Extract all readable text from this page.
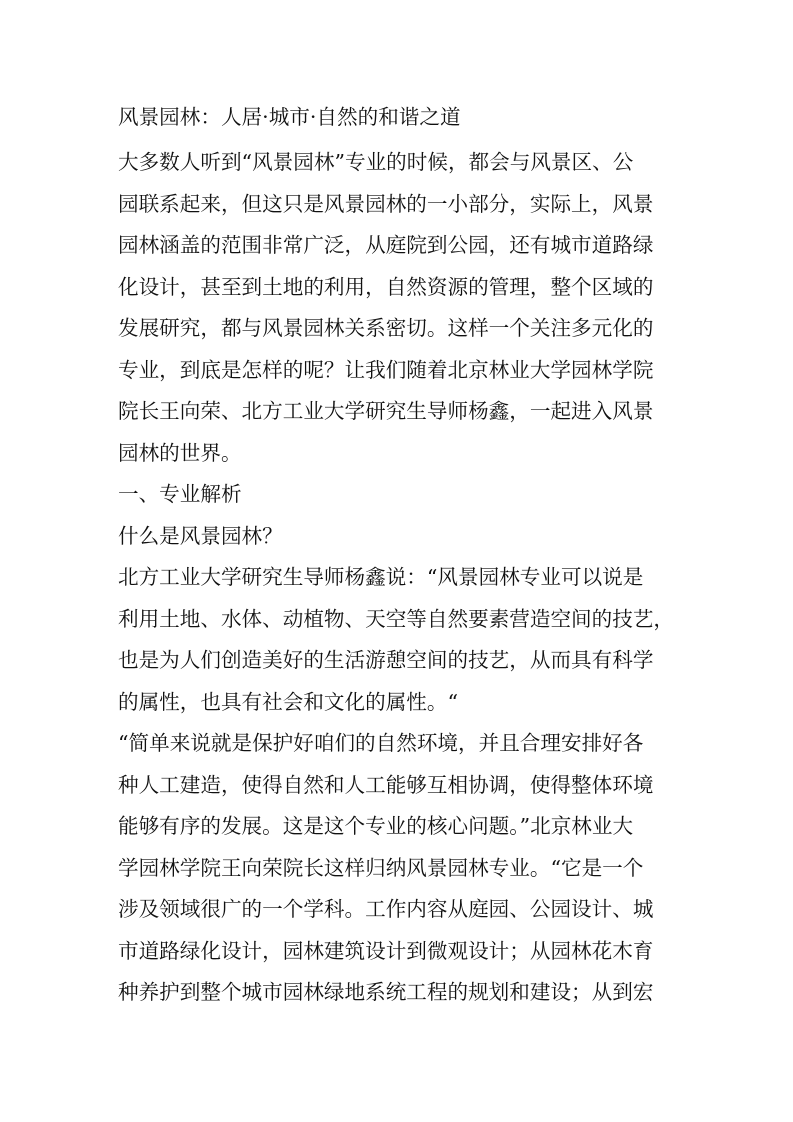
风景园林：人居·城市·自然的和谐之道
大多数人听到“风景园林”专业的时候，都会与风景区、公
园联系起来，但这只是风景园林的一小部分，实际上，风景
园林涵盖的范围非常广泛，从庭院到公园，还有城市道路绿
化设计，甚至到土地的利用，自然资源的管理，整个区域的
发展研究，都与风景园林关系密切。这样一个关注多元化的
专业，到底是怎样的呢？让我们随着北京林业大学园林学院
院长王向荣、北方工业大学研究生导师杨鑫，一起进入风景
园林的世界。
一、专业解析
什么是风景园林？
北方工业大学研究生导师杨鑫说：“风景园林专业可以说是
利用土地、水体、动植物、天空等自然要素营造空间的技艺，
也是为人们创造美好的生活游憩空间的技艺，从而具有科学
的属性，也具有社会和文化的属性。“
“简单来说就是保护好咱们的自然环境，并且合理安排好各
种人工建造，使得自然和人工能够互相协调，使得整体环境
能够有序的发展。这是这个专业的核心问题。”北京林业大
学园林学院王向荣院长这样归纳风景园林专业。“它是一个
涉及领域很广的一个学科。工作内容从庭园、公园设计、城
市道路绿化设计，园林建筑设计到微观设计；从园林花木育
种养护到整个城市园林绿地系统工程的规划和建设；从到宏
